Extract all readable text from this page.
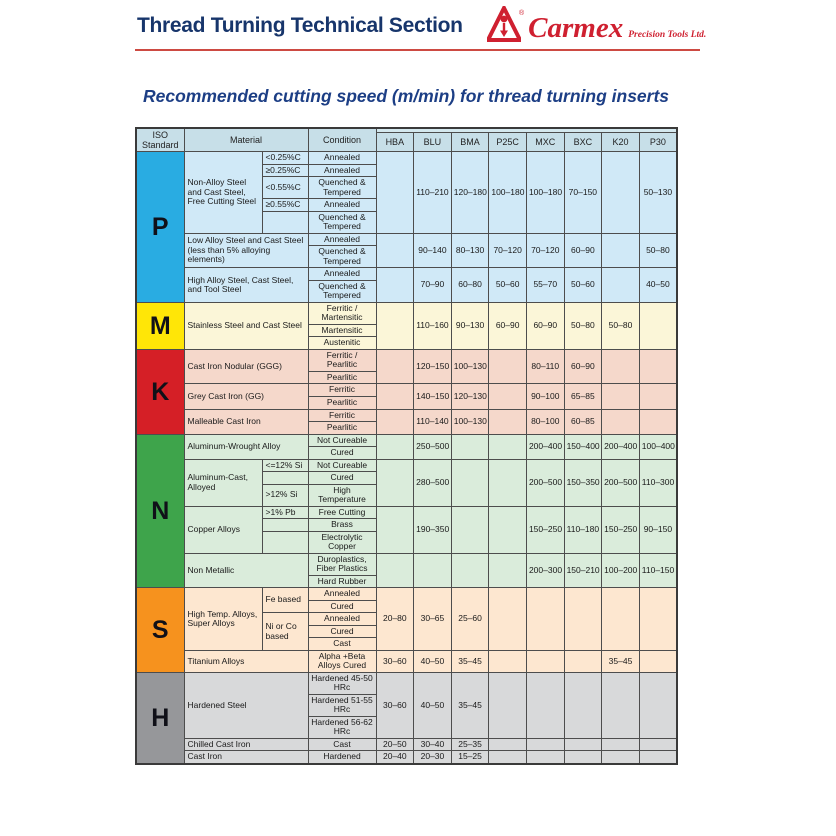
Thread Turning Technical Section
® Carmex Precision Tools Ltd.
Recommended cutting speed (m/min) for thread turning inserts
ISO Standard	Material		Condition								
				HBA	BLU	BMA	P25C	MXC	BXC	K20	P30
P	Non-Alloy Steel and Cast Steel, Free Cutting Steel	<0.25%C	Annealed		110–210	120–180	100–180	100–180	70–150		50–130
		≥0.25%C	Annealed								
		<0.55%C	Quenched & Tempered								
		≥0.55%C	Annealed								
			Quenched & Tempered								
	Low Alloy Steel and Cast Steel (less than 5% alloying elements)		Annealed		90–140	80–130	70–120	70–120	60–90		50–80
			Quenched & Tempered								
	High Alloy Steel, Cast Steel, and Tool Steel		Annealed		70–90	60–80	50–60	55–70	50–60		40–50
			Quenched & Tempered								
M	Stainless Steel and Cast Steel		Ferritic / Martensitic		110–160	90–130	60–90	60–90	50–80	50–80	
			Martensitic								
			Austenitic								
K	Cast Iron Nodular (GGG)		Ferritic / Pearlitic		120–150	100–130		80–110	60–90		
			Pearlitic								
	Grey Cast Iron (GG)		Ferritic		140–150	120–130		90–100	65–85		
			Pearlitic								
	Malleable Cast Iron		Ferritic		110–140	100–130		80–100	60–85		
			Pearlitic								
N	Aluminum-Wrought Alloy		Not Cureable		250–500			200–400	150–400	200–400	100–400
			Cured								
	Aluminum-Cast, Alloyed	<=12% Si	Not Cureable		280–500			200–500	150–350	200–500	110–300
			Cured								
		>12% Si	High Temperature								
	Copper Alloys	>1% Pb	Free Cutting		190–350			150–250	110–180	150–250	90–150
			Brass								
			Electrolytic Copper								
	Non Metallic		Duroplastics, Fiber Plastics					200–300	150–210	100–200	110–150
			Hard Rubber								
S	High Temp. Alloys, Super Alloys	Fe based	Annealed	20–80	30–65	25–60					
			Cured								
		Ni or Co based	Annealed								
			Cured								
			Cast								
	Titanium Alloys		Alpha +Beta Alloys Cured	30–60	40–50	35–45				35–45	
H	Hardened Steel		Hardened 45-50 HRc	30–60	40–50	35–45					
			Hardened 51-55 HRc								
			Hardened 56-62 HRc								
	Chilled Cast Iron		Cast	20–50	30–40	25–35					
	Cast Iron		Hardened	20–40	20–30	15–25					
